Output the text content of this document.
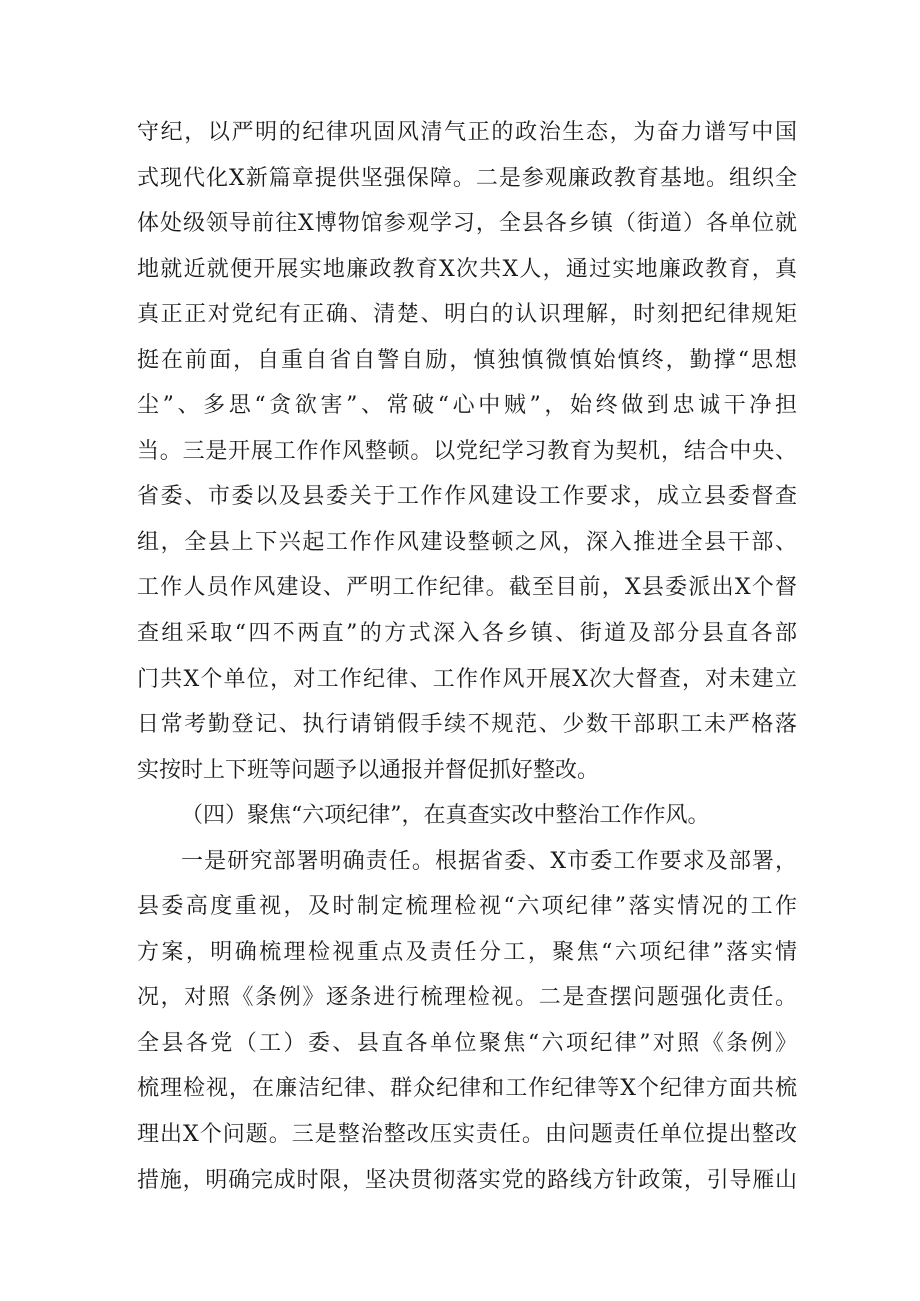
守纪，以严明的纪律巩固风清气正的政治生态，为奋力谱写中国
式现代化X新篇章提供坚强保障。二是参观廉政教育基地。组织全
体处级领导前往X博物馆参观学习，全县各乡镇（街道）各单位就
地就近就便开展实地廉政教育X次共X人，通过实地廉政教育，真
真正正对党纪有正确、清楚、明白的认识理解，时刻把纪律规矩
挺在前面，自重自省自警自励，慎独慎微慎始慎终，勤撑“思想
尘”、多思“贪欲害”、常破“心中贼”，始终做到忠诚干净担
当。三是开展工作作风整顿。以党纪学习教育为契机，结合中央、
省委、市委以及县委关于工作作风建设工作要求，成立县委督查
组，全县上下兴起工作作风建设整顿之风，深入推进全县干部、
工作人员作风建设、严明工作纪律。截至目前，X县委派出X个督
查组采取“四不两直”的方式深入各乡镇、街道及部分县直各部
门共X个单位，对工作纪律、工作作风开展X次大督查，对未建立
日常考勤登记、执行请销假手续不规范、少数干部职工未严格落
实按时上下班等问题予以通报并督促抓好整改。
（四）聚焦“六项纪律”，在真查实改中整治工作作风。
一是研究部署明确责任。根据省委、X市委工作要求及部署，
县委高度重视，及时制定梳理检视“六项纪律”落实情况的工作
方案，明确梳理检视重点及责任分工，聚焦“六项纪律”落实情
况，对照《条例》逐条进行梳理检视。二是查摆问题强化责任。
全县各党（工）委、县直各单位聚焦“六项纪律”对照《条例》
梳理检视，在廉洁纪律、群众纪律和工作纪律等X个纪律方面共梳
理出X个问题。三是整治整改压实责任。由问题责任单位提出整改
措施，明确完成时限，坚决贯彻落实党的路线方针政策，引导雁山
